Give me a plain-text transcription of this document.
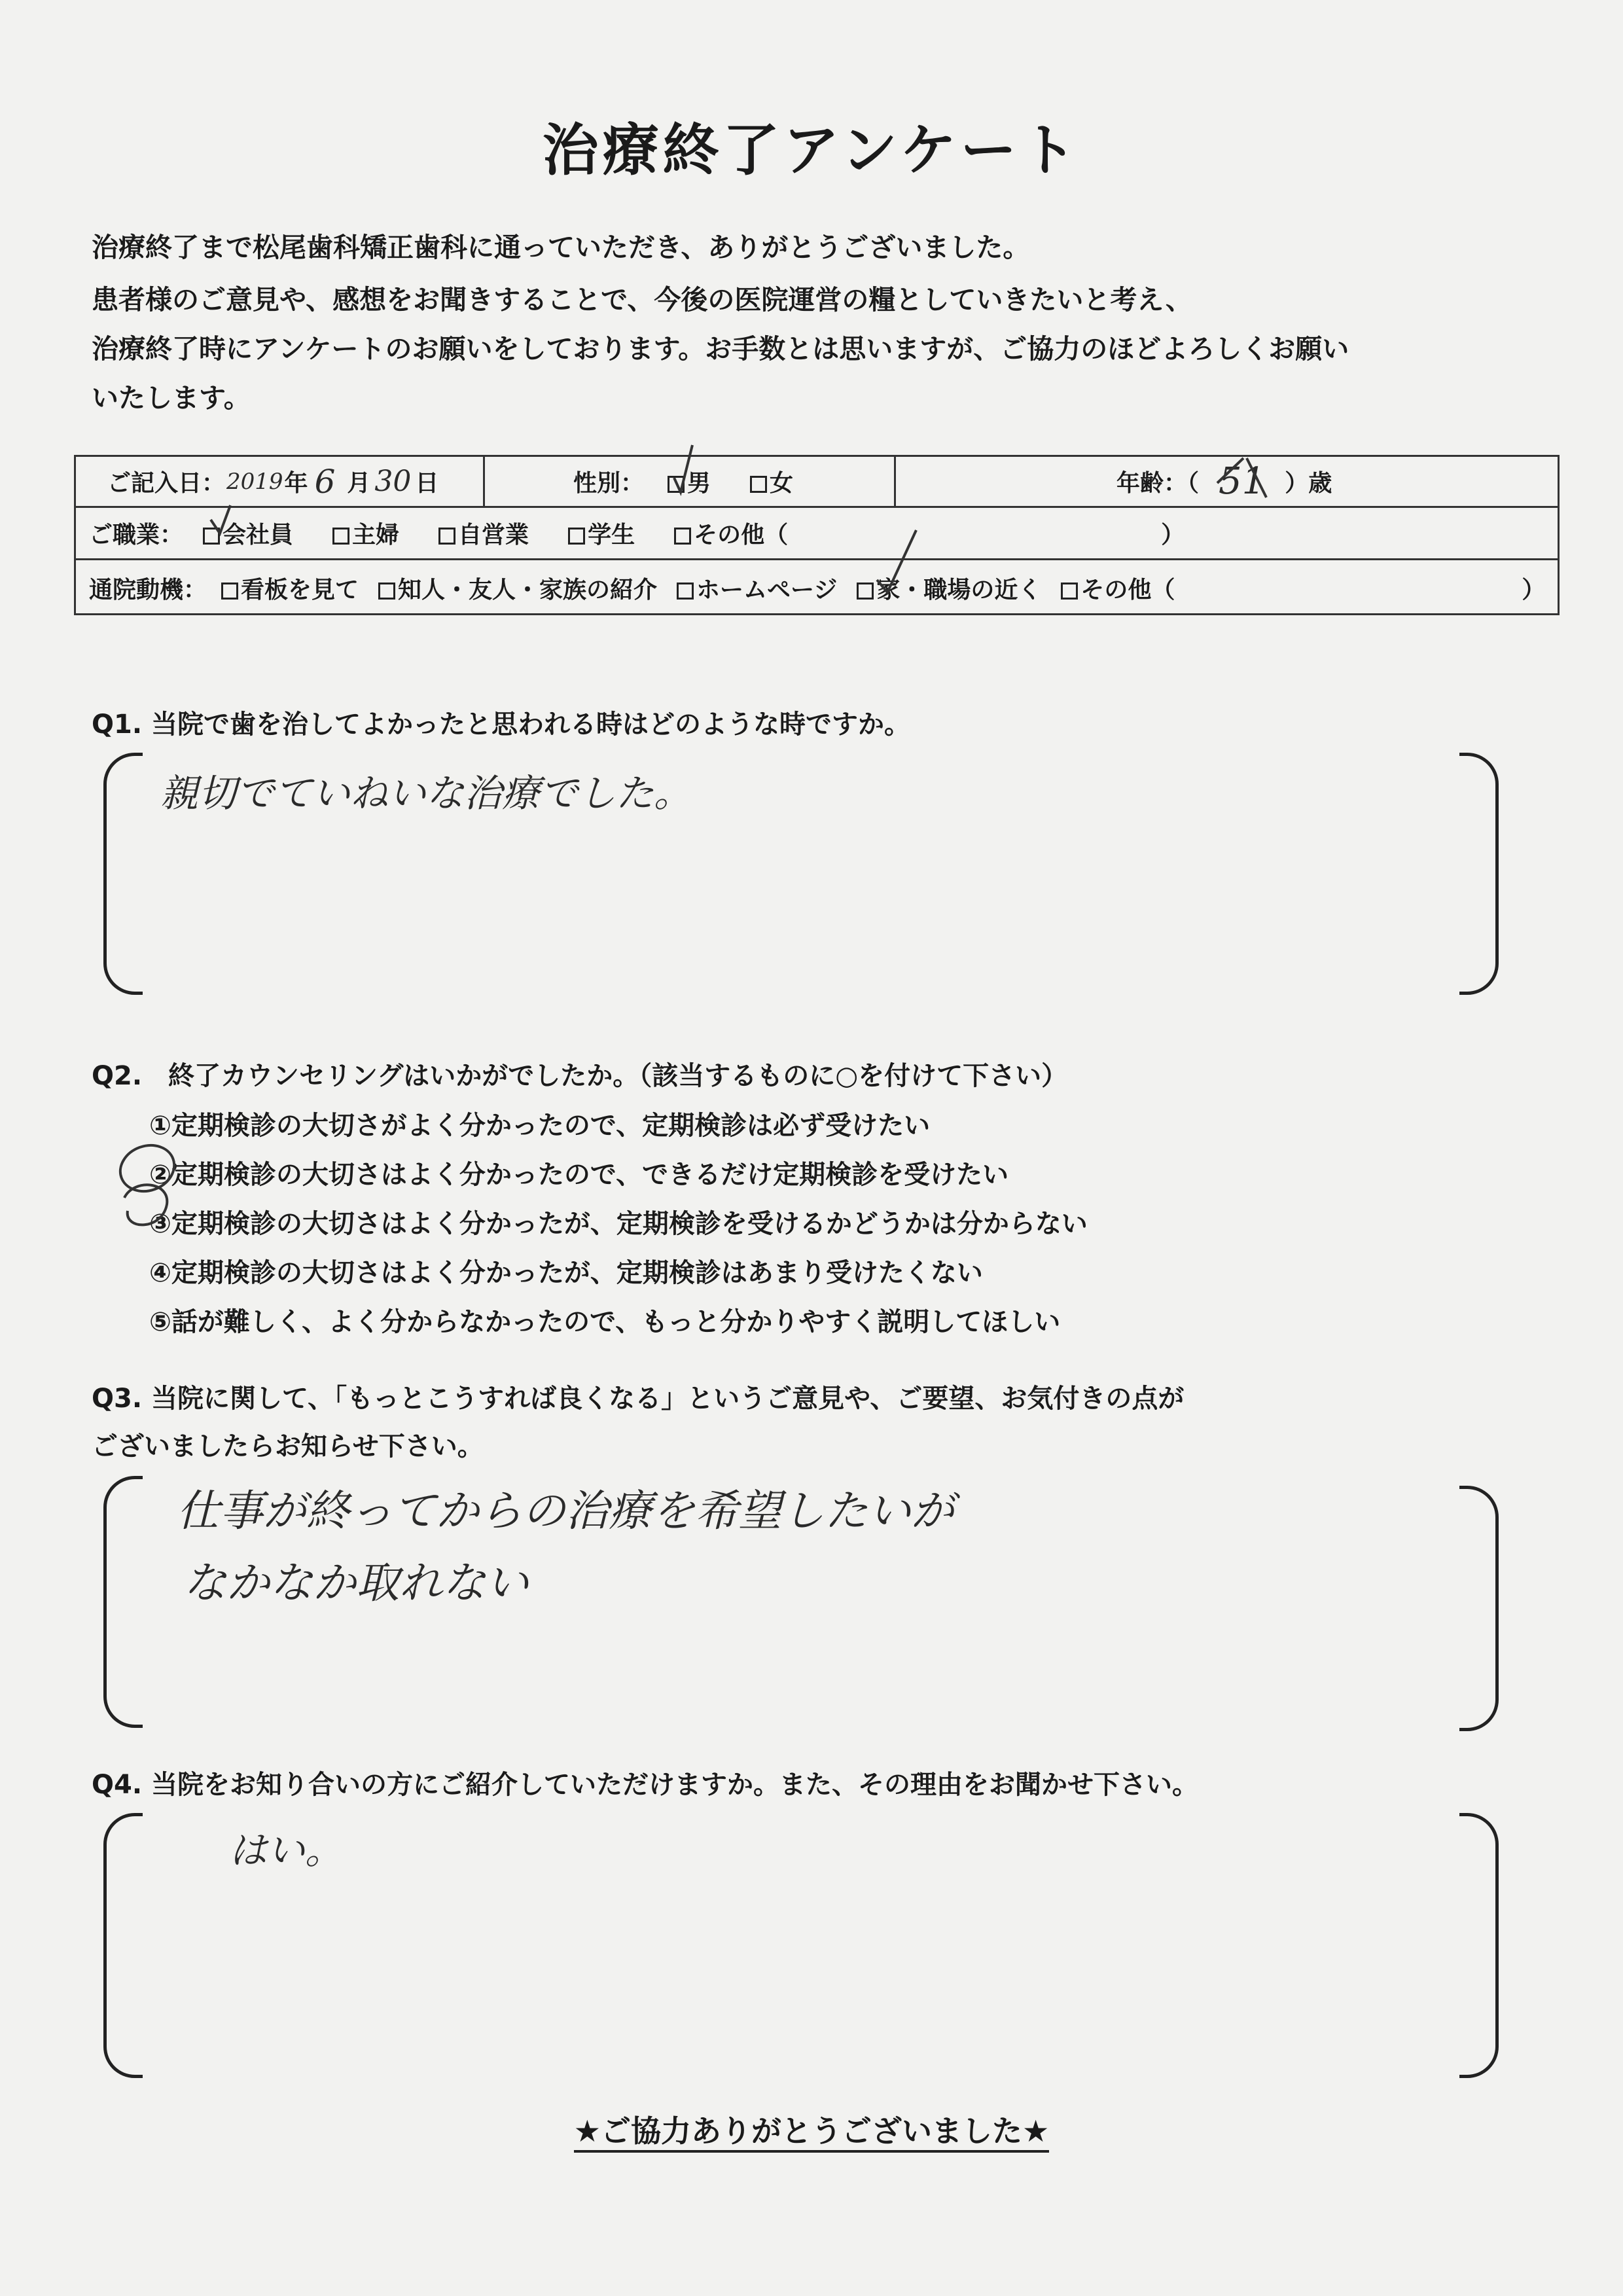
治療終了アンケート
治療終了まで松尾歯科矯正歯科に通っていただき、ありがとうございました。
患者様のご意見や、感想をお聞きすることで、今後の医院運営の糧としていきたいと考え、
治療終了時にアンケートのお願いをしております。お手数とは思いますが、ご協力のほどよろしくお願い
いたします。
ご記入日： 2019 年 6 月 30 日	性別：	男	女	年齢：（ 51 ）歳
ご職業：	会社員	主婦	自営業	学生	その他（	）
通院動機：	看板を見て	知人・友人・家族の紹介	ホームページ	家・職場の近く	その他（	）
Q1. 当院で歯を治してよかったと思われる時はどのような時ですか。
親切でていねいな治療でした。
Q2.　終了カウンセリングはいかがでしたか。（該当するものに○を付けて下さい）
①定期検診の大切さがよく分かったので、定期検診は必ず受けたい
②定期検診の大切さはよく分かったので、できるだけ定期検診を受けたい
③定期検診の大切さはよく分かったが、定期検診を受けるかどうかは分からない
④定期検診の大切さはよく分かったが、定期検診はあまり受けたくない
⑤話が難しく、よく分からなかったので、もっと分かりやすく説明してほしい
Q3. 当院に関して、「もっとこうすれば良くなる」というご意見や、ご要望、お気付きの点が
ございましたらお知らせ下さい。
仕事が終ってからの治療を希望したいが
なかなか取れない
Q4. 当院をお知り合いの方にご紹介していただけますか。また、その理由をお聞かせ下さい。
はい。
★ご協力ありがとうございました★
